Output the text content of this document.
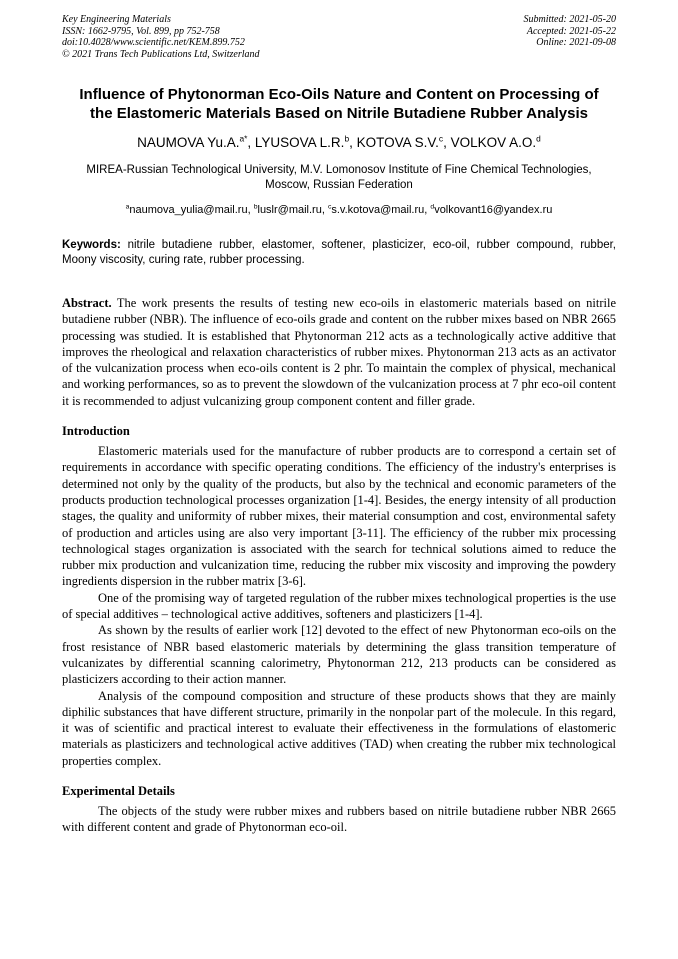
Key Engineering Materials
ISSN: 1662-9795, Vol. 899, pp 752-758
doi:10.4028/www.scientific.net/KEM.899.752
© 2021 Trans Tech Publications Ltd, Switzerland
Submitted: 2021-05-20
Accepted: 2021-05-22
Online: 2021-09-08
Influence of Phytonorman Eco-Oils Nature and Content on Processing of the Elastomeric Materials Based on Nitrile Butadiene Rubber Analysis

NAUMOVA Yu.A.$^{a*}$, LYUSOVA L.R.$^b$, KOTOVA S.V.$^c$, VOLKOV A.O.$^d$

MIREA-Russian Technological University, M.V. Lomonosov Institute of Fine Chemical Technologies, Moscow, Russian Federation

$^a$naumova_yulia@mail.ru, $^b$luslr@mail.ru, $^c$s.v.kotova@mail.ru, $^d$volkovant16@yandex.ru

Keywords: nitrile butadiene rubber, elastomer, softener, plasticizer, eco-oil, rubber compound, rubber, Moony viscosity, curing rate, rubber processing.

Abstract. The work presents the results of testing new eco-oils in elastomeric materials based on nitrile butadiene rubber (NBR). The influence of eco-oils grade and content on the rubber mixes based on NBR 2665 processing was studied. It is established that Phytonorman 212 acts as a technologically active additive that improves the rheological and relaxation characteristics of rubber mixes. Phytonorman 213 acts as an activator of the vulcanization process when eco-oils content is 2 phr. To maintain the complex of physical, mechanical and working performances, so as to prevent the slowdown of the vulcanization process at 7 phr eco-oil content it is recommended to adjust vulcanizing group component content and filler grade.

Introduction

Elastomeric materials used for the manufacture of rubber products are to correspond a certain set of requirements in accordance with specific operating conditions. The efficiency of the industry's enterprises is determined not only by the quality of the products, but also by the technical and economic parameters of the products production technological processes organization [1-4]. Besides, the energy intensity of all production stages, the quality and uniformity of rubber mixes, their material consumption and cost, environmental safety of production and articles using are also very important [3-11]. The efficiency of the rubber mix processing technological stages organization is associated with the search for technical solutions aimed to reduce the rubber mix production and vulcanization time, reducing the rubber mix viscosity and improving the powdery ingredients dispersion in the rubber matrix [3-6].

One of the promising way of targeted regulation of the rubber mixes technological properties is the use of special additives – technological active additives, softeners and plasticizers [1-4].

As shown by the results of earlier work [12] devoted to the effect of new Phytonorman eco-oils on the frost resistance of NBR based elastomeric materials by determining the glass transition temperature of vulcanizates by differential scanning calorimetry, Phytonorman 212, 213 products can be considered as plasticizers according to their action manner.

Analysis of the compound composition and structure of these products shows that they are mainly diphilic substances that have different structure, primarily in the nonpolar part of the molecule. In this regard, it was of scientific and practical interest to evaluate their effectiveness in the formulations of elastomeric materials as plasticizers and technological active additives (TAD) when creating the rubber mix technological properties complex.

Experimental Details

The objects of the study were rubber mixes and rubbers based on nitrile butadiene rubber NBR 2665 with different content and grade of Phytonorman eco-oil.
